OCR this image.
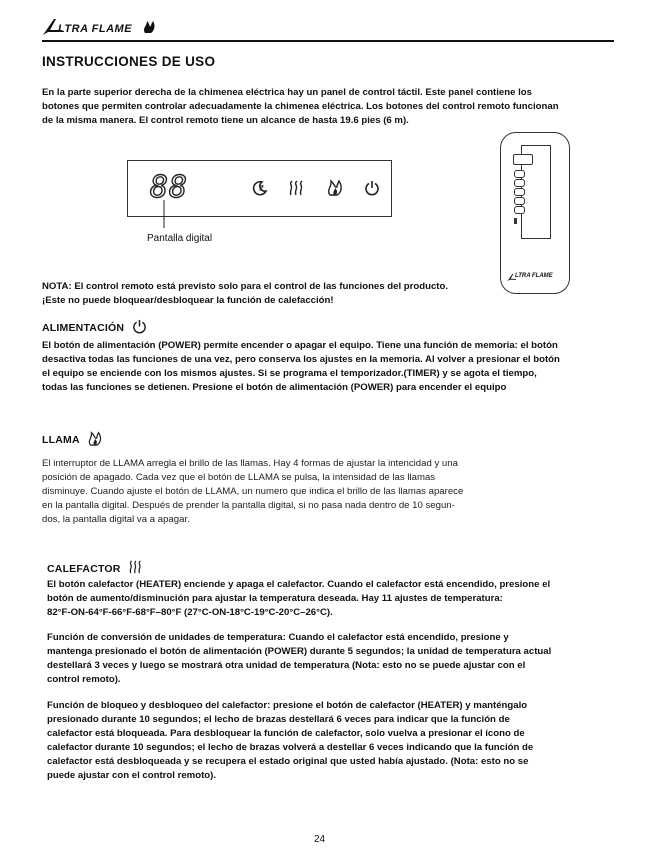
LTRA FLAME
INSTRUCCIONES DE USO
En la parte superior derecha de la chimenea eléctrica hay un panel de control táctil. Este panel contiene los
botones que permiten controlar adecuadamente la chimenea eléctrica. Los botones del control remoto funcionan
de la misma manera. El control remoto tiene un alcance de hasta 19.6 pies (6 m).
88
Pantalla digital
LTRA FLAME
NOTA: El control remoto está previsto solo para el control de las funciones del producto.
¡Este no puede bloquear/desbloquear la función de calefacción!
ALIMENTACIÓN
El botón de alimentación (POWER) permite encender o apagar el equipo. Tiene una función de memoria: el botón
desactiva todas las funciones de una vez, pero conserva los ajustes en la memoria. Al volver a presionar el botón
el equipo se enciende con los mismos ajustes. Si se programa el temporizador.(TIMER) y se agota el tiempo,
todas las funciones se detienen. Presione el botón de alimentación (POWER) para encender el equipo
LLAMA
El interruptor de LLAMA arregla el brillo de las llamas. Hay 4 formas de ajustar la intencidad y una
posición de apagado. Cada vez que el botón de LLAMA se pulsa, la intensidad de las llamas
disminuye. Cuando ajuste el botón de LLAMA, un numero que indica el brillo de las llamas aparece
en la pantalla digital. Después de prender la pantalla digital, si no pasa nada dentro de 10 segun-
dos, la pantalla digital va a apagar.
CALEFACTOR
El botón calefactor (HEATER) enciende y apaga el calefactor. Cuando el calefactor está encendido, presione el
botón de aumento/disminución para ajustar la temperatura deseada. Hay 11 ajustes de temperatura:
82°F-ON-64°F-66°F-68°F–80°F (27°C-ON-18°C-19°C-20°C–26°C).
Función de conversión de unidades de temperatura: Cuando el calefactor está encendido, presione y
mantenga presionado el botón de alimentación (POWER) durante 5 segundos; la unidad de temperatura actual
destellará 3 veces y luego se mostrará otra unidad de temperatura (Nota: esto no se puede ajustar con el
control remoto).
Función de bloqueo y desbloqueo del calefactor: presione el botón de calefactor (HEATER) y manténgalo
presionado durante 10 segundos; el lecho de brazas destellará 6 veces para indicar que la función de
calefactor está bloqueada. Para desbloquear la función de calefactor, solo vuelva a presionar el ícono de
calefactor durante 10 segundos; el lecho de brazas volverá a destellar 6 veces indicando que la función de
calefactor está desbloqueada y se recupera el estado original que usted había ajustado. (Nota: esto no se
puede ajustar con el control remoto).
24
